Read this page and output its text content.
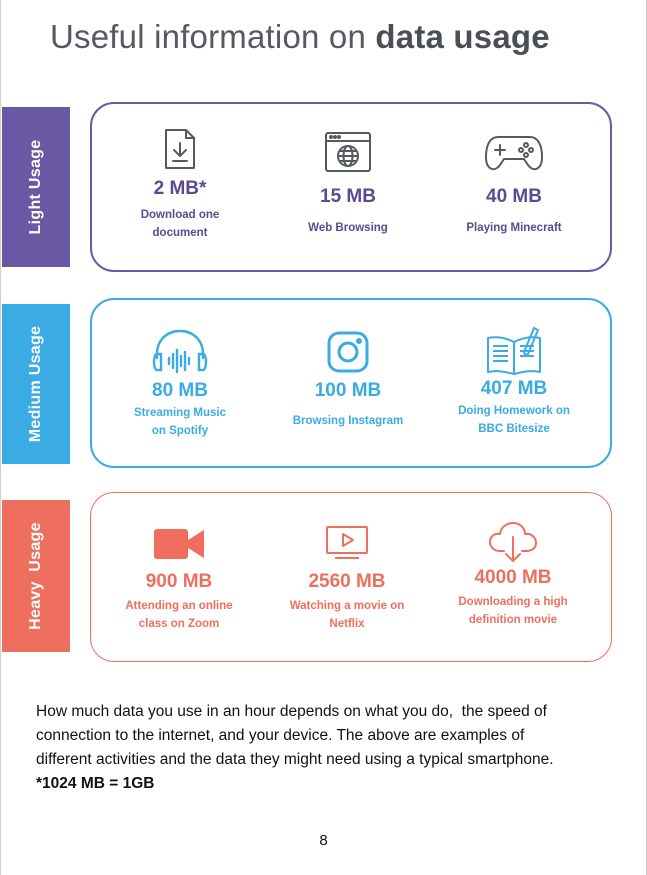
Useful information on data usage
Light Usage	2 MB*
Download one
document
15 MB
Web Browsing
40 MB
Playing Minecraft
Medium Usage	80 MB
Streaming Music
on Spotify
100 MB
Browsing Instagram
407 MB
Doing Homework on
BBC Bitesize
Heavy  Usage	900 MB
Attending an online
class on Zoom
2560 MB
Watching a movie on
Netflix
4000 MB
Downloading a high
definition movie
How much data you use in an hour depends on what you do,  the speed of
connection to the internet, and your device. The above are examples of
different activities and the data they might need using a typical smartphone.
*1024 MB = 1GB
8
